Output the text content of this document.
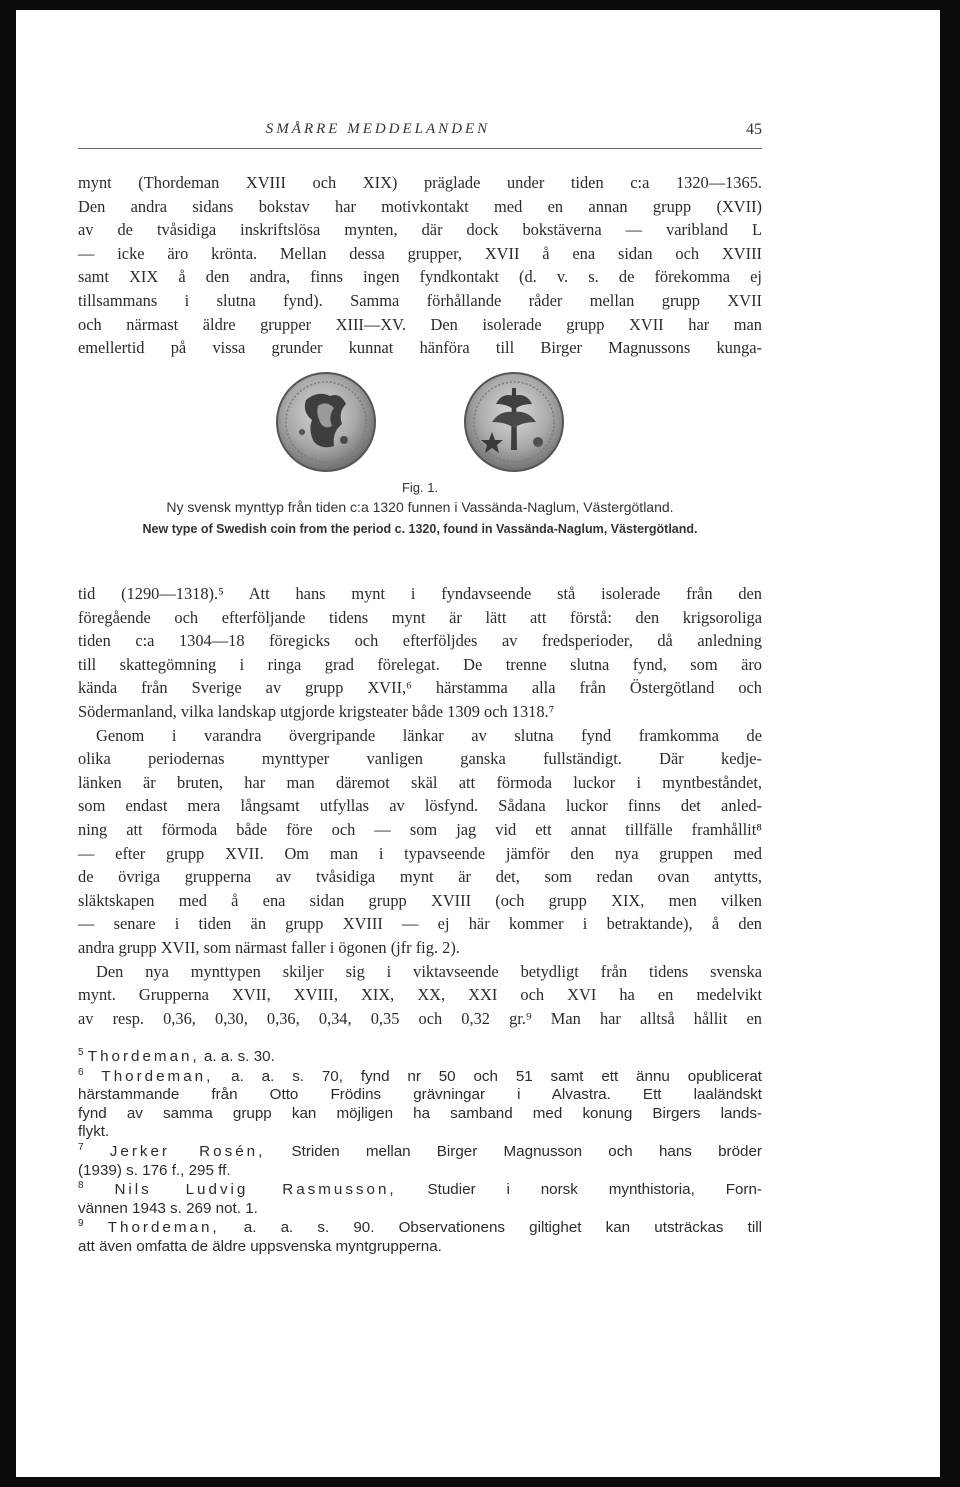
SMÅRRE MEDDELANDEN	45
mynt (Thordeman XVIII och XIX) präglade under tiden c:a 1320—1365.
Den andra sidans bokstav har motivkontakt med en annan grupp (XVII)
av de tvåsidiga inskriftslösa mynten, där dock bokstäverna — varibland L
— icke äro krönta. Mellan dessa grupper, XVII å ena sidan och XVIII
samt XIX å den andra, finns ingen fyndkontakt (d. v. s. de förekomma ej
tillsammans i slutna fynd). Samma förhållande råder mellan grupp XVII
och närmast äldre grupper XIII—XV. Den isolerade grupp XVII har man
emellertid på vissa grunder kunnat hänföra till Birger Magnussons kunga-
Fig. 1.
Ny svensk mynttyp från tiden c:a 1320 funnen i Vassända-Naglum, Västergötland.
New type of Swedish coin from the period c. 1320, found in Vassända-Naglum, Västergötland.
tid (1290—1318).⁵ Att hans mynt i fyndavseende stå isolerade från den
föregående och efterföljande tidens mynt är lätt att förstå: den krigsoroliga
tiden c:a 1304—18 föregicks och efterföljdes av fredsperioder, då anledning
till skattegömning i ringa grad förelegat. De trenne slutna fynd, som äro
kända från Sverige av grupp XVII,⁶ härstamma alla från Östergötland och
Södermanland, vilka landskap utgjorde krigsteater både 1309 och 1318.⁷
Genom i varandra övergripande länkar av slutna fynd framkomma de
olika periodernas mynttyper vanligen ganska fullständigt. Där kedje-
länken är bruten, har man däremot skäl att förmoda luckor i myntbeståndet,
som endast mera långsamt utfyllas av lösfynd. Sådana luckor finns det anled-
ning att förmoda både före och — som jag vid ett annat tillfälle framhållit⁸
— efter grupp XVII. Om man i typavseende jämför den nya gruppen med
de övriga grupperna av tvåsidiga mynt är det, som redan ovan antytts,
släktskapen med å ena sidan grupp XVIII (och grupp XIX, men vilken
— senare i tiden än grupp XVIII — ej här kommer i betraktande), å den
andra grupp XVII, som närmast faller i ögonen (jfr fig. 2).
Den nya mynttypen skiljer sig i viktavseende betydligt från tidens svenska
mynt. Grupperna XVII, XVIII, XIX, XX, XXI och XVI ha en medelvikt
av resp. 0,36, 0,30, 0,36, 0,34, 0,35 och 0,32 gr.⁹ Man har alltså hållit en
$^5$ Thordeman, a. a. s. 30.
$^6$ Thordeman, a. a. s. 70, fynd nr 50 och 51 samt ett ännu opublicerat
härstammande från Otto Frödins grävningar i Alvastra. Ett laaländskt
fynd av samma grupp kan möjligen ha samband med konung Birgers lands-
flykt.
$^7$ Jerker Rosén, Striden mellan Birger Magnusson och hans bröder
(1939) s. 176 f., 295 ff.
$^8$ Nils Ludvig Rasmusson, Studier i norsk mynthistoria, Forn-
vännen 1943 s. 269 not. 1.
$^9$ Thordeman, a. a. s. 90. Observationens giltighet kan utsträckas till
att även omfatta de äldre uppsvenska myntgrupperna.
